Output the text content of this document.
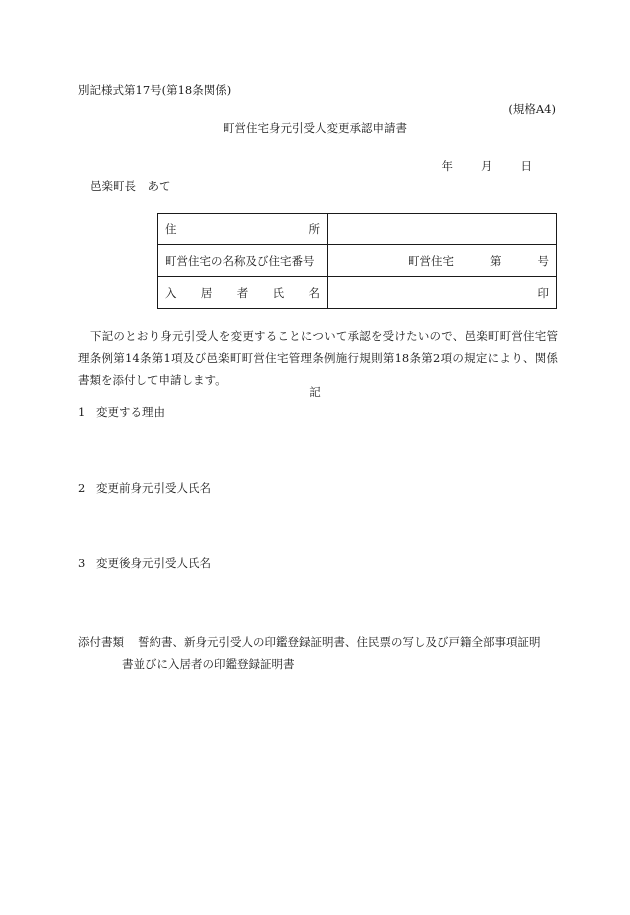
別記様式第17号(第18条関係)
(規格A4)
町営住宅身元引受人変更承認申請書
年 月 日
邑楽町長　あて
住 所	

町営住宅の名称及び住宅番号	町営住宅 第 号

入 居 者 氏 名	印
下記のとおり身元引受人を変更することについて承認を受けたいので、邑楽町町営住宅管理条例第14条第1項及び邑楽町町営住宅管理条例施行規則第18条第2項の規定により、関係書類を添付して申請します。
記
1 変更する理由
2 変更前身元引受人氏名
3 変更後身元引受人氏名
添付書類 誓約書、新身元引受人の印鑑登録証明書、住民票の写し及び戸籍全部事項証明
書並びに入居者の印鑑登録証明書
